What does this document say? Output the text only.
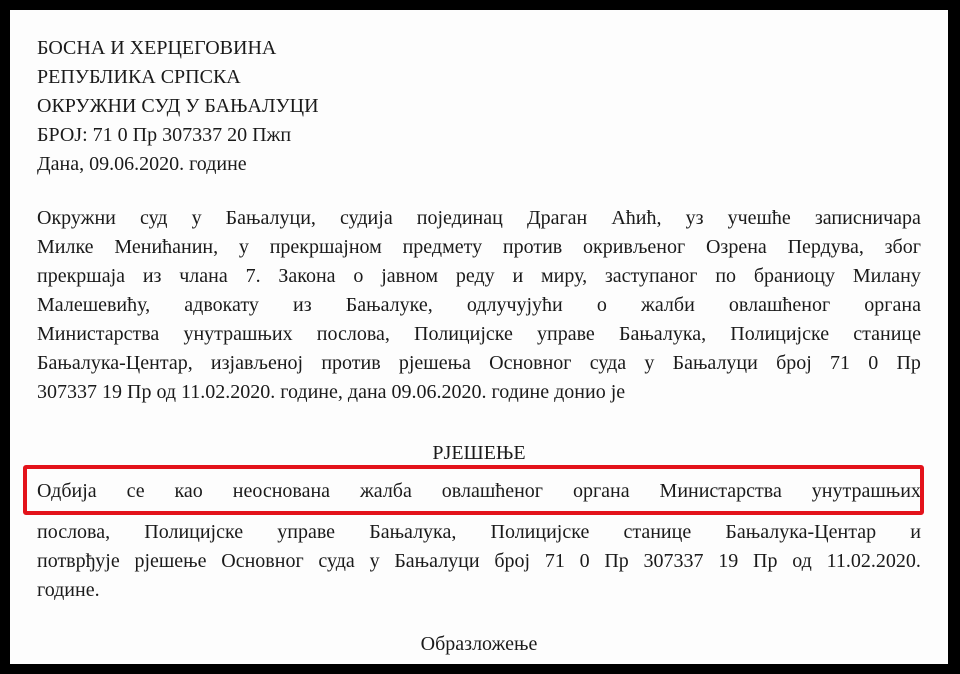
БОСНА И ХЕРЦЕГОВИНА
РЕПУБЛИКА СРПСКА
ОКРУЖНИ СУД У БАЊАЛУЦИ
БРОЈ: 71 0 Пр 307337 20 Пжп
Дана, 09.06.2020. године
Окружни суд у Бањалуци, судија појединац Драган Аћић, уз учешће записничара
Милке Менићанин, у прекршајном предмету против окривљеног Озрена Пердува, због
прекршаја из члана 7. Закона о јавном реду и миру, заступаног по браниоцу Милану
Малешевићу, адвокату из Бањалуке, одлучујући о жалби овлашћеног органа
Министарства унутрашњих послова, Полицијске управе Бањалука, Полицијске станице
Бањалука-Центар, изјављеној против рјешења Основног суда у Бањалуци број 71 0 Пр
307337 19 Пр од 11.02.2020. године, дана 09.06.2020. године донио је
РЈЕШЕЊЕ
Одбија се као неоснована жалба овлашћеног органа Министарства унутрашњих
послова, Полицијске управе Бањалука, Полицијске станице Бањалука-Центар и
потврђује рјешење Основног суда у Бањалуци број 71 0 Пр 307337 19 Пр од 11.02.2020.
године.
Образложење
